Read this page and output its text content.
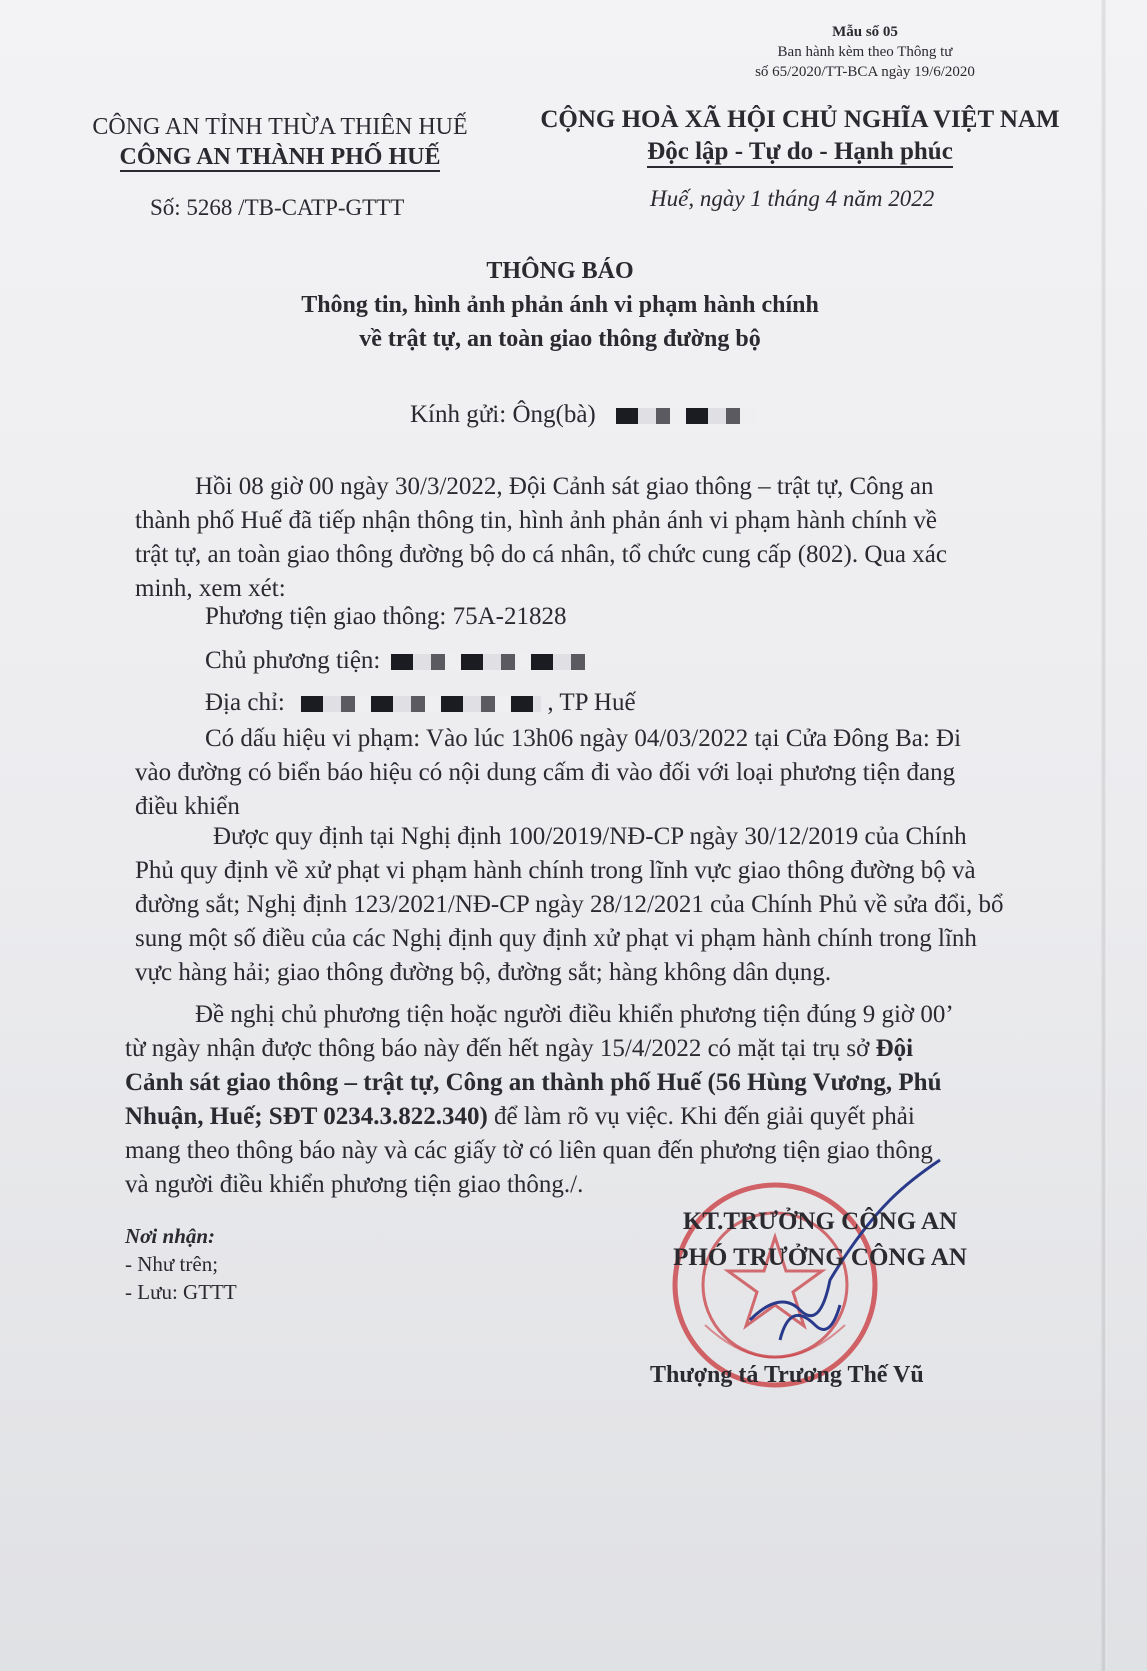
Mẫu số 05
Ban hành kèm theo Thông tư
số 65/2020/TT-BCA ngày 19/6/2020
CÔNG AN TỈNH THỪA THIÊN HUẾ
CÔNG AN THÀNH PHỐ HUẾ
CỘNG HOÀ XÃ HỘI CHỦ NGHĨA VIỆT NAM
Độc lập - Tự do - Hạnh phúc
Số: 5268 /TB-CATP-GTTT	Huế, ngày 1 tháng 4 năm 2022
THÔNG BÁO
Thông tin, hình ảnh phản ánh vi phạm hành chính
về trật tự, an toàn giao thông đường bộ
Kính gửi: Ông(bà)
Hồi 08 giờ 00 ngày 30/3/2022, Đội Cảnh sát giao thông – trật tự, Công an
thành phố Huế đã tiếp nhận thông tin, hình ảnh phản ánh vi phạm hành chính về
trật tự, an toàn giao thông đường bộ do cá nhân, tổ chức cung cấp (802). Qua xác
minh, xem xét:
Phương tiện giao thông: 75A-21828
Chủ phương tiện:
Địa chỉ:	, TP Huế
Có dấu hiệu vi phạm: Vào lúc 13h06 ngày 04/03/2022 tại Cửa Đông Ba: Đi
vào đường có biển báo hiệu có nội dung cấm đi vào đối với loại phương tiện đang
điều khiển
Được quy định tại Nghị định 100/2019/NĐ-CP ngày 30/12/2019 của Chính
Phủ quy định về xử phạt vi phạm hành chính trong lĩnh vực giao thông đường bộ và
đường sắt; Nghị định 123/2021/NĐ-CP ngày 28/12/2021 của Chính Phủ về sửa đổi, bổ
sung một số điều của các Nghị định quy định xử phạt vi phạm hành chính trong lĩnh
vực hàng hải; giao thông đường bộ, đường sắt; hàng không dân dụng.
Đề nghị chủ phương tiện hoặc người điều khiển phương tiện đúng 9 giờ 00’
từ ngày nhận được thông báo này đến hết ngày 15/4/2022 có mặt tại trụ sở Đội
Cảnh sát giao thông – trật tự, Công an thành phố Huế (56 Hùng Vương, Phú
Nhuận, Huế; SĐT 0234.3.822.340) để làm rõ vụ việc. Khi đến giải quyết phải
mang theo thông báo này và các giấy tờ có liên quan đến phương tiện giao thông
và người điều khiển phương tiện giao thông./.
Nơi nhận:
- Như trên;
- Lưu: GTTT
KT.TRƯỞNG CÔNG AN
PHÓ TRƯỞNG CÔNG AN
Thượng tá Trương Thế Vũ
